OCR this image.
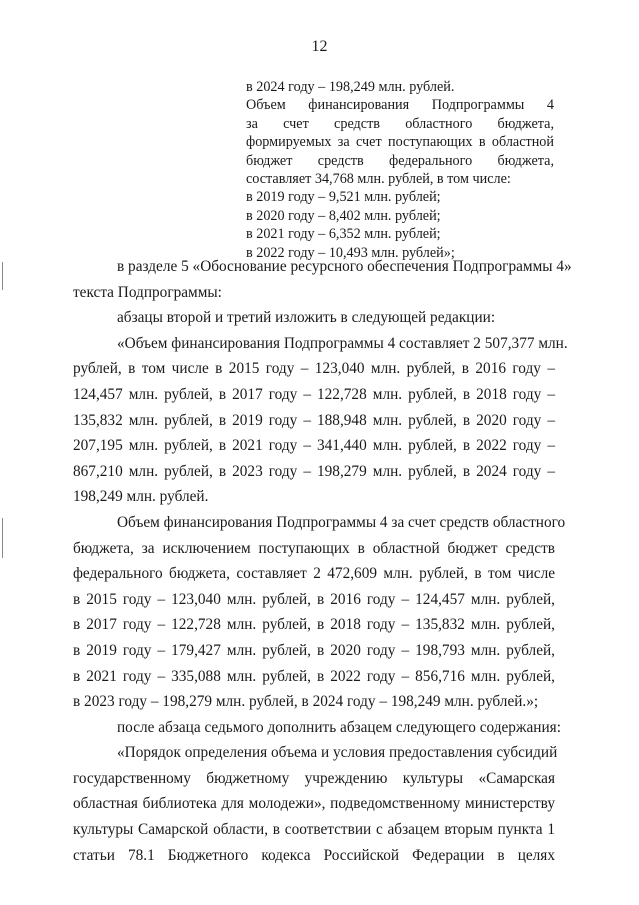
12
в 2024 году – 198,249 млн. рублей.
Объем финансирования Подпрограммы 4
за счет средств областного бюджета,
формируемых за счет поступающих в областной
бюджет средств федерального бюджета,
составляет 34,768 млн. рублей, в том числе:
в 2019 году – 9,521 млн. рублей;
в 2020 году – 8,402 млн. рублей;
в 2021 году – 6,352 млн. рублей;
в 2022 году – 10,493 млн. рублей»;
в разделе 5 «Обоснование ресурсного обеспечения Подпрограммы 4»
текста Подпрограммы:
абзацы второй и третий изложить в следующей редакции:
«Объем финансирования Подпрограммы 4 составляет 2 507,377 млн.
рублей, в том числе в 2015 году – 123,040 млн. рублей, в 2016 году –
124,457 млн. рублей, в 2017 году – 122,728 млн. рублей, в 2018 году –
135,832 млн. рублей, в 2019 году – 188,948 млн. рублей, в 2020 году –
207,195 млн. рублей, в 2021 году – 341,440 млн. рублей, в 2022 году –
867,210 млн. рублей, в 2023 году – 198,279 млн. рублей, в 2024 году –
198,249 млн. рублей.
Объем финансирования Подпрограммы 4 за счет средств областного
бюджета, за исключением поступающих в областной бюджет средств
федерального бюджета, составляет 2 472,609 млн. рублей, в том числе
в 2015 году – 123,040 млн. рублей, в 2016 году – 124,457 млн. рублей,
в 2017 году – 122,728 млн. рублей, в 2018 году – 135,832 млн. рублей,
в 2019 году – 179,427 млн. рублей, в 2020 году – 198,793 млн. рублей,
в 2021 году – 335,088 млн. рублей, в 2022 году – 856,716 млн. рублей,
в 2023 году – 198,279 млн. рублей, в 2024 году – 198,249 млн. рублей.»;
после абзаца седьмого дополнить абзацем следующего содержания:
«Порядок определения объема и условия предоставления субсидий
государственному бюджетному учреждению культуры «Самарская
областная библиотека для молодежи», подведомственному министерству
культуры Самарской области, в соответствии с абзацем вторым пункта 1
статьи 78.1 Бюджетного кодекса Российской Федерации в целях
